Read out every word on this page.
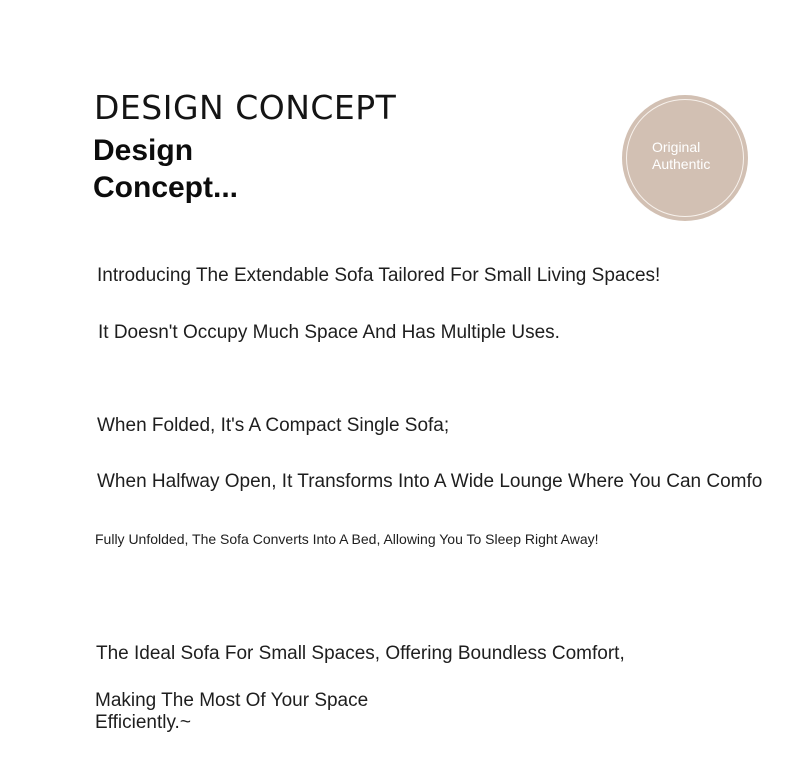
DESIGN CONCEPT
Design
Concept...
Original
Authentic
Introducing The Extendable Sofa Tailored For Small Living Spaces!
It Doesn't Occupy Much Space And Has Multiple Uses.
When Folded, It's A Compact Single Sofa;
When Halfway Open, It Transforms Into A Wide Lounge Where You Can Comfo
Fully Unfolded, The Sofa Converts Into A Bed, Allowing You To Sleep Right Away!
The Ideal Sofa For Small Spaces, Offering Boundless Comfort,
Making The Most Of Your Space
Efficiently.~
